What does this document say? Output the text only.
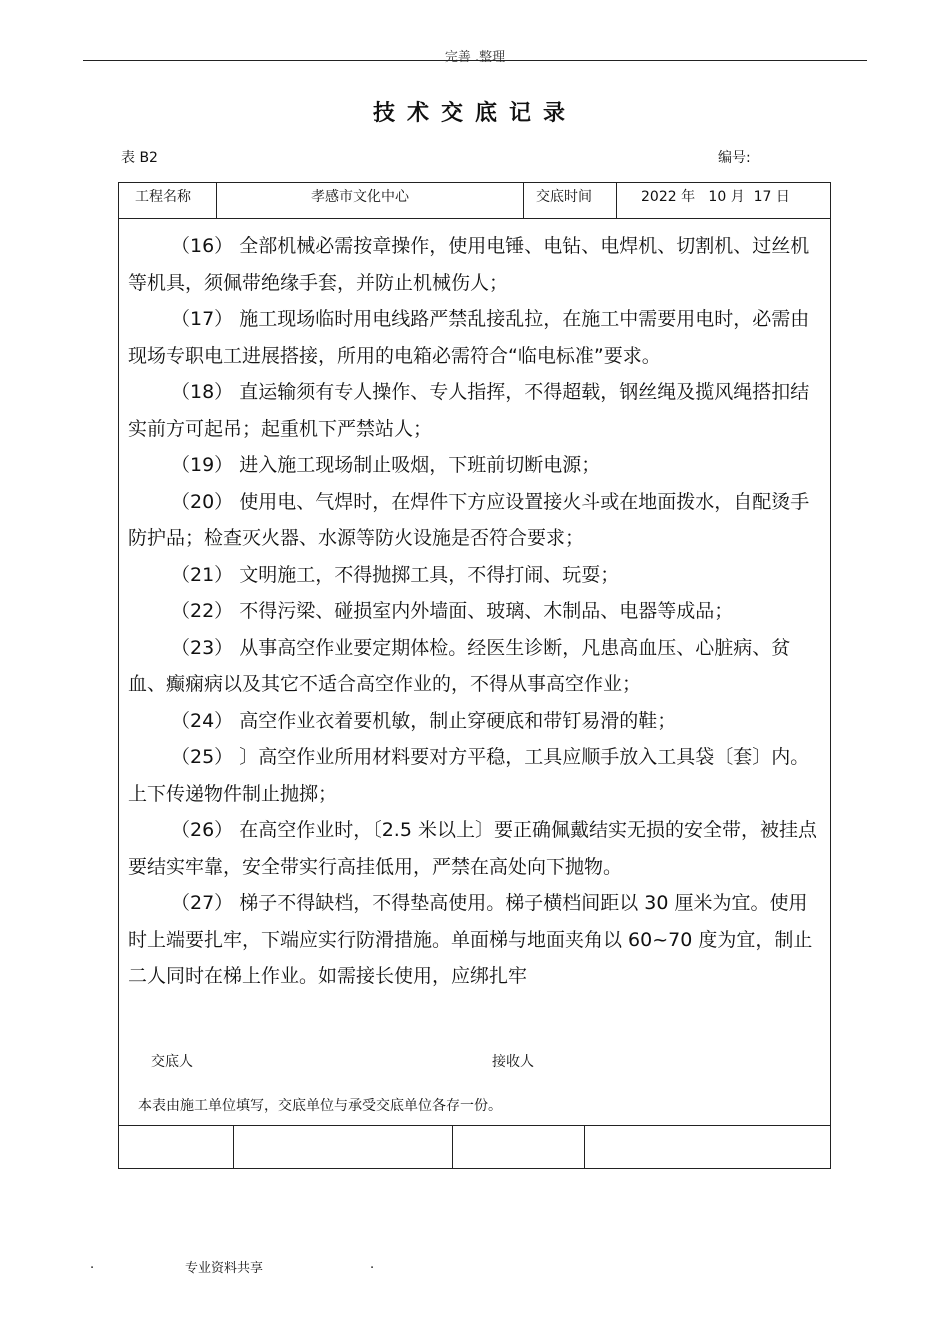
完善 .整理
技术交底记录
表 B2	编号:
工程名称	孝感市文化中心	交底时间	2022 年   10 月  17 日

（16） 全部机械必需按章操作，使用电锤、电钻、电焊机、切割机、过丝机等机具，须佩带绝缘手套，并防止机械伤人；

（17） 施工现场临时用电线路严禁乱接乱拉，在施工中需要用电时，必需由现场专职电工进展搭接，所用的电箱必需符合“临电标准”要求。

（18） 直运输须有专人操作、专人指挥，不得超载，钢丝绳及揽风绳搭扣结实前方可起吊；起重机下严禁站人；

（19） 进入施工现场制止吸烟，下班前切断电源；

（20） 使用电、气焊时，在焊件下方应设置接火斗或在地面拨水，自配烫手防护品；检查灭火器、水源等防火设施是否符合要求；

（21） 文明施工，不得抛掷工具，不得打闹、玩耍；

（22） 不得污梁、碰损室内外墙面、玻璃、木制品、电器等成品；

（23） 从事高空作业要定期体检。经医生诊断，凡患高血压、心脏病、贫血、癫痫病以及其它不适合高空作业的，不得从事高空作业；

（24） 高空作业衣着要机敏，制止穿硬底和带钉易滑的鞋；

（25） 〕高空作业所用材料要对方平稳，工具应顺手放入工具袋〔套〕内。上下传递物件制止抛掷；

（26） 在高空作业时，〔2.5 米以上〕要正确佩戴结实无损的安全带，被挂点要结实牢靠，安全带实行高挂低用，严禁在高处向下抛物。

（27） 梯子不得缺档，不得垫高使用。梯子横档间距以 30 厘米为宜。使用时上端要扎牢，下端应实行防滑措施。单面梯与地面夹角以 60~70 度为宜，制止二人同时在梯上作业。如需接长使用，应绑扎牢

交底人	接收人
本表由施工单位填写，交底单位与承受交底单位各存一份。
.	专业资料共享	.
